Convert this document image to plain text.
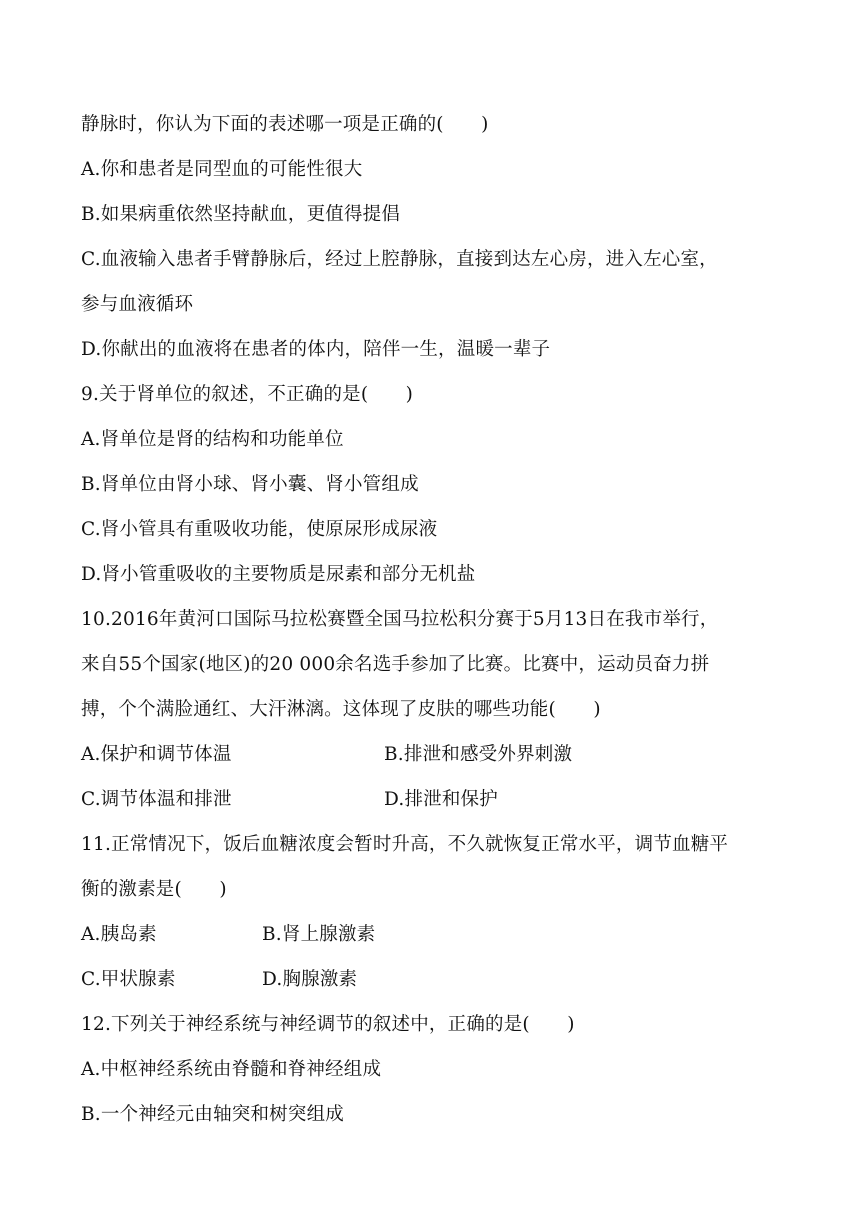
静脉时，你认为下面的表述哪一项是正确的(　　)
A.你和患者是同型血的可能性很大
B.如果病重依然坚持献血，更值得提倡
C.血液输入患者手臂静脉后，经过上腔静脉，直接到达左心房，进入左心室，
参与血液循环
D.你献出的血液将在患者的体内，陪伴一生，温暖一辈子
9.关于肾单位的叙述，不正确的是(　　)
A.肾单位是肾的结构和功能单位
B.肾单位由肾小球、肾小囊、肾小管组成
C.肾小管具有重吸收功能，使原尿形成尿液
D.肾小管重吸收的主要物质是尿素和部分无机盐
10.2016年黄河口国际马拉松赛暨全国马拉松积分赛于5月13日在我市举行，
来自55个国家(地区)的20 000余名选手参加了比赛。比赛中，运动员奋力拼
搏，个个满脸通红、大汗淋漓。这体现了皮肤的哪些功能(　　)
A.保护和调节体温	B.排泄和感受外界刺激
C.调节体温和排泄	D.排泄和保护
11.正常情况下，饭后血糖浓度会暂时升高，不久就恢复正常水平，调节血糖平
衡的激素是(　　)
A.胰岛素	B.肾上腺激素
C.甲状腺素	D.胸腺激素
12.下列关于神经系统与神经调节的叙述中，正确的是(　　)
A.中枢神经系统由脊髓和脊神经组成
B.一个神经元由轴突和树突组成
